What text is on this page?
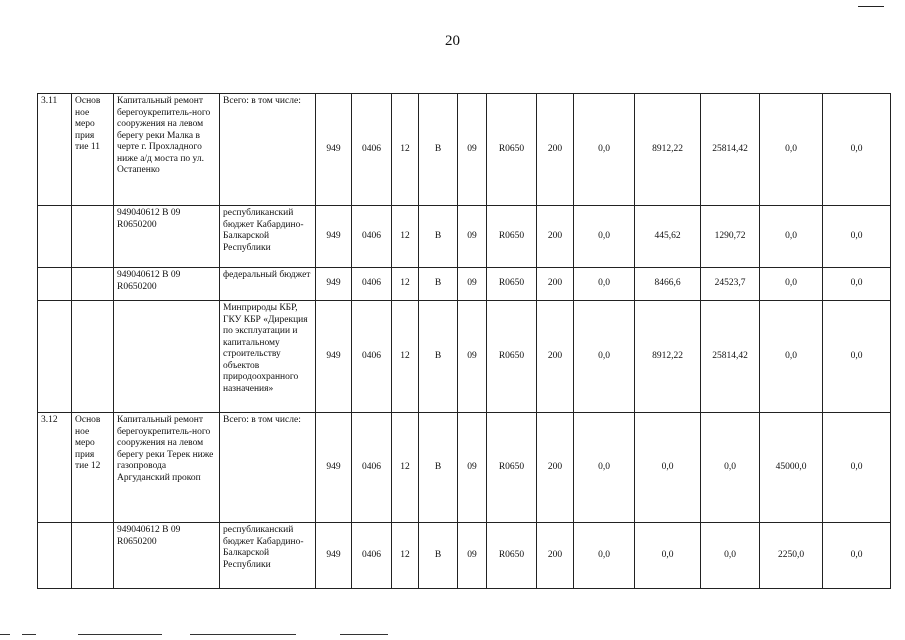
20
3.11	Основ ное меро прия тие 11	Капитальный ремонт берегоукрепитель-ного сооружения на левом берегу реки Малка в черте г. Прохладного ниже а/д моста по ул. Остапенко	Всего: в том числе:	949	0406	12	В	09	R0650	200	0,0	8912,22	25814,42	0,0	0,0
		949040612 В 09 R0650200	республиканский бюджет Кабардино-Балкарской Республики	949	0406	12	В	09	R0650	200	0,0	445,62	1290,72	0,0	0,0
		949040612 В 09 R0650200	федеральный бюджет	949	0406	12	В	09	R0650	200	0,0	8466,6	24523,7	0,0	0,0
			Минприроды КБР, ГКУ КБР «Дирекция по эксплуатации и капитальному строительству объектов природоохранного назначения»	949	0406	12	В	09	R0650	200	0,0	8912,22	25814,42	0,0	0,0
3.12	Основ ное меро прия тие 12	Капитальный ремонт берегоукрепитель-ного сооружения на левом берегу реки Терек ниже газопровода Аргуданский прокоп	Всего: в том числе:	949	0406	12	В	09	R0650	200	0,0	0,0	0,0	45000,0	0,0
		949040612 В 09 R0650200	республиканский бюджет Кабардино-Балкарской Республики	949	0406	12	В	09	R0650	200	0,0	0,0	0,0	2250,0	0,0
